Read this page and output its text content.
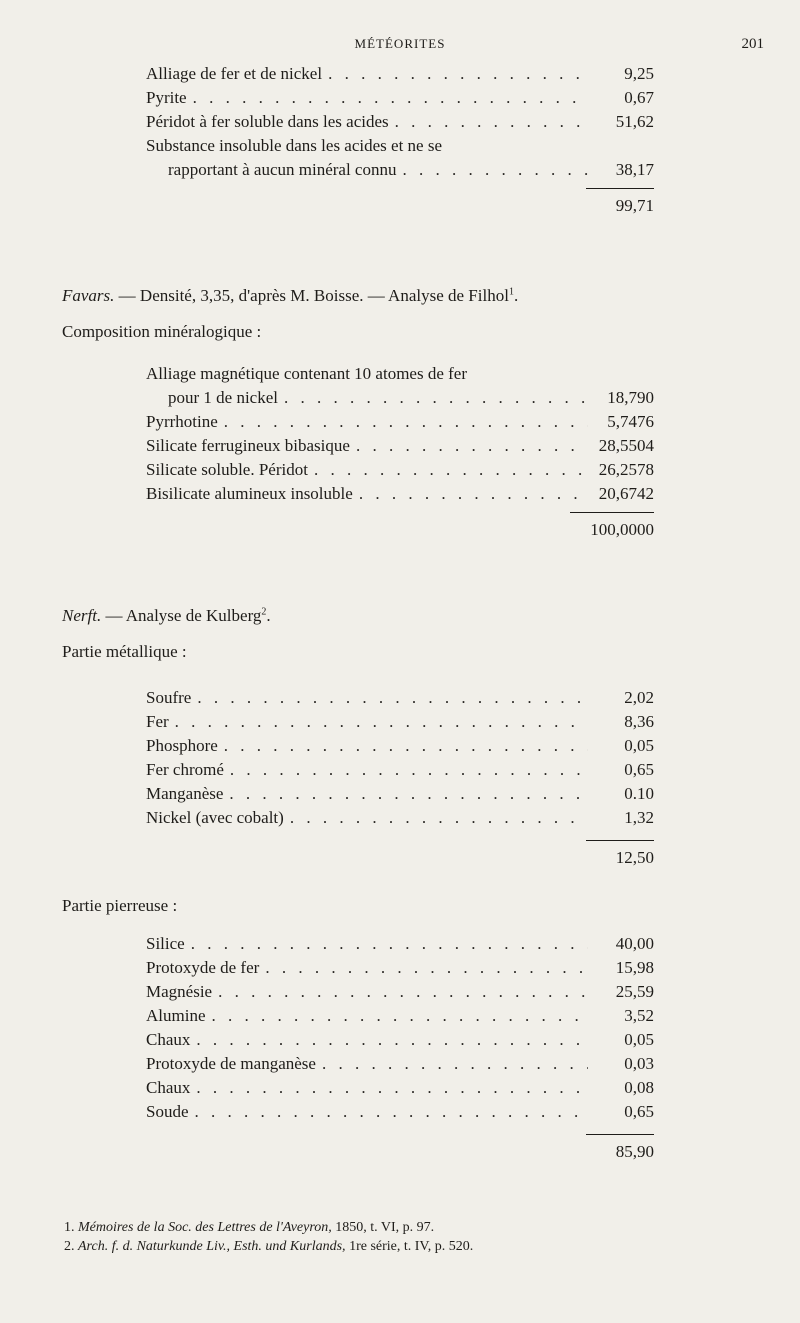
MÉTÉORITES	201
Alliage de fer et de nickel . . .	9,25
Pyrite . . .	0,67
Péridot à fer soluble dans les acides . . .	51,62
Substance insoluble dans les acides et ne se
rapportant à aucun minéral connu . . .	38,17
99,71
Favars. — Densité, 3,35, d'après M. Boisse. — Analyse de Filhol$^1$.
Composition minéralogique :
Alliage magnétique contenant 10 atomes de fer
pour 1 de nickel . . .	18,790
Pyrrhotine . . .	5,7476
Silicate ferrugineux bibasique . . .	28,5504
Silicate soluble. Péridot . . .	26,2578
Bisilicate alumineux insoluble . . .	20,6742
100,0000
Nerft. — Analyse de Kulberg$^2$.
Partie métallique :
Soufre . . .	2,02
Fer . . .	8,36
Phosphore . . .	0,05
Fer chromé . . .	0,65
Manganèse . . .	0.10
Nickel (avec cobalt) . . .	1,32
12,50
Partie pierreuse :
Silice . . .	40,00
Protoxyde de fer . . .	15,98
Magnésie . . .	25,59
Alumine . . .	3,52
Chaux . . .	0,05
Protoxyde de manganèse . . .	0,03
Chaux . . .	0,08
Soude . . .	0,65
85,90
1. Mémoires de la Soc. des Lettres de l'Aveyron, 1850, t. VI, p. 97.
2. Arch. f. d. Naturkunde Liv., Esth. und Kurlands, 1re série, t. IV, p. 520.
